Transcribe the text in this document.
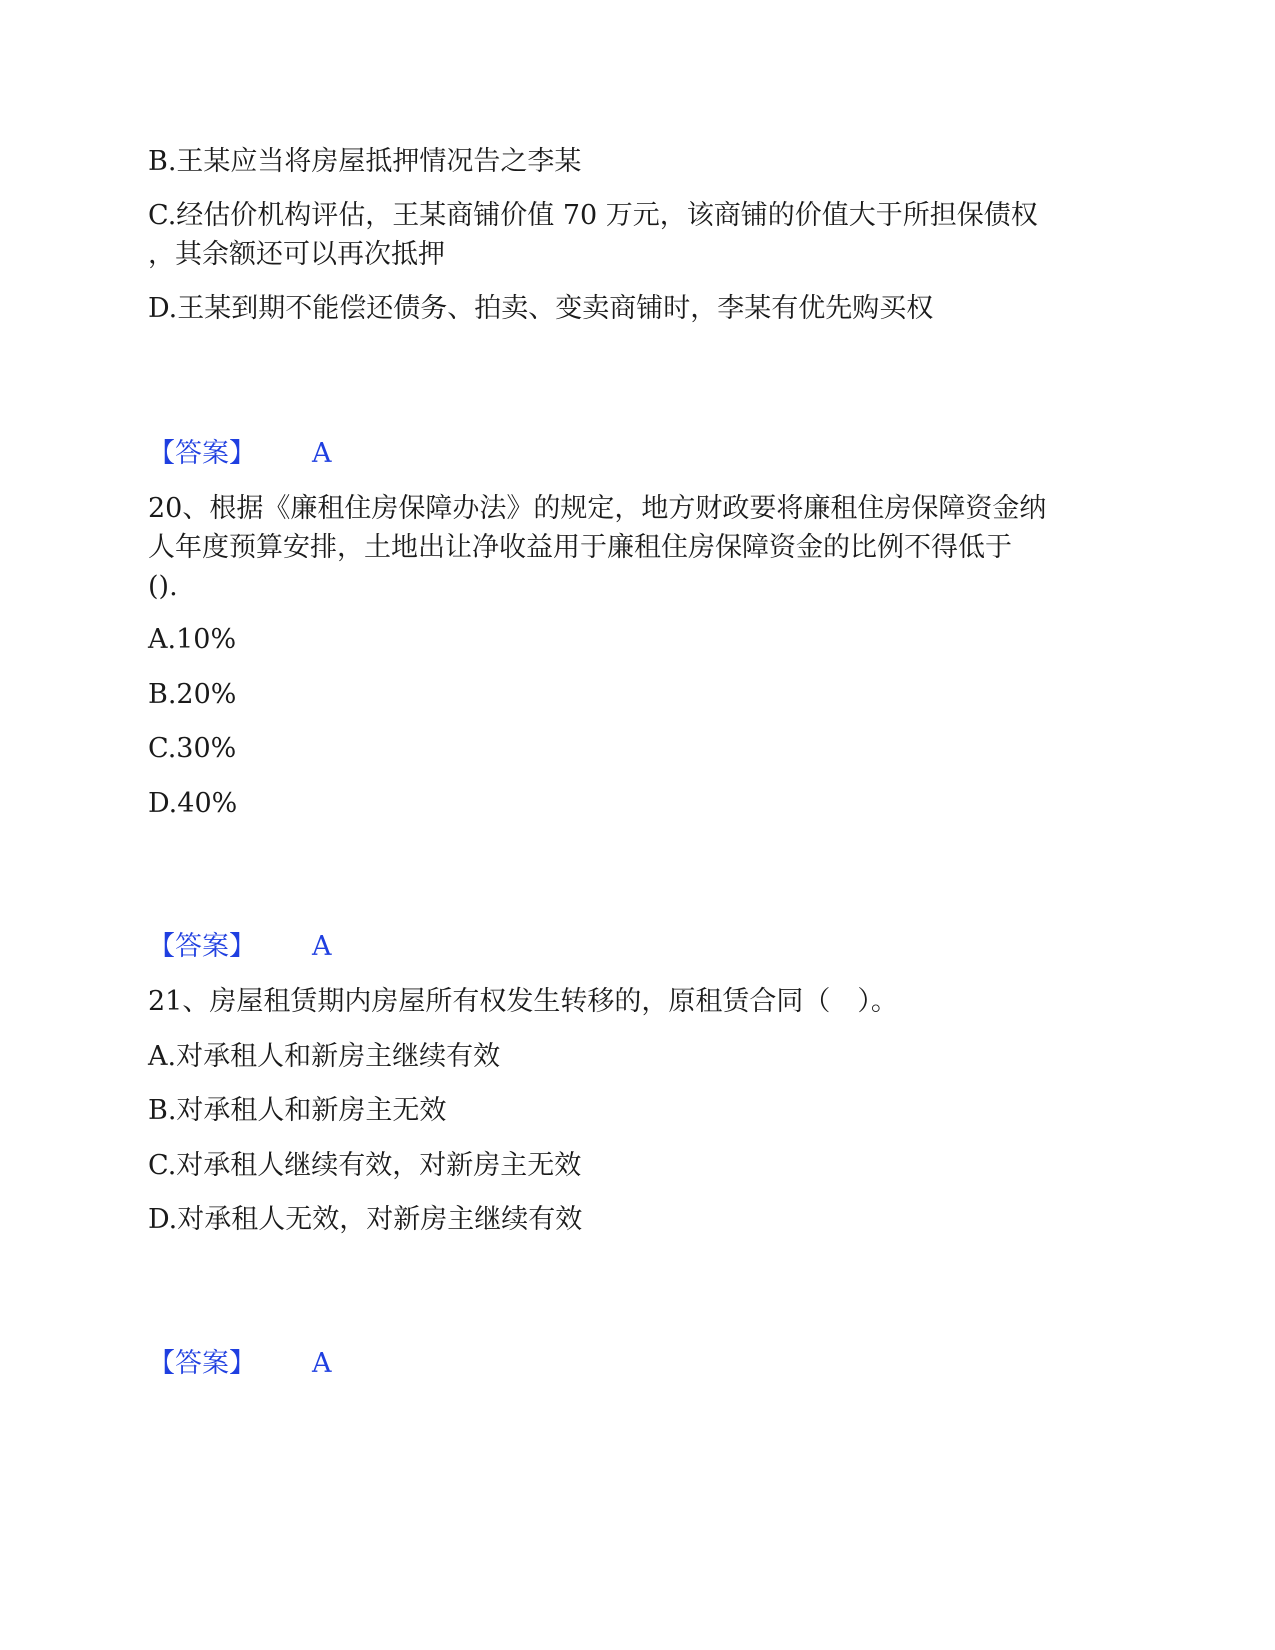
B.王某应当将房屋抵押情况告之李某
C.经估价机构评估，王某商铺价值 70 万元，该商铺的价值大于所担保债权
，其余额还可以再次抵押
D.王某到期不能偿还债务、拍卖、变卖商铺时，李某有优先购买权
【答案】 A
20、根据《廉租住房保障办法》的规定，地方财政要将廉租住房保障资金纳
人年度预算安排，土地出让净收益用于廉租住房保障资金的比例不得低于
().
A.10%
B.20%
C.30%
D.40%
【答案】 A
21、房屋租赁期内房屋所有权发生转移的，原租赁合同（　）。
A.对承租人和新房主继续有效
B.对承租人和新房主无效
C.对承租人继续有效，对新房主无效
D.对承租人无效，对新房主继续有效
【答案】 A
